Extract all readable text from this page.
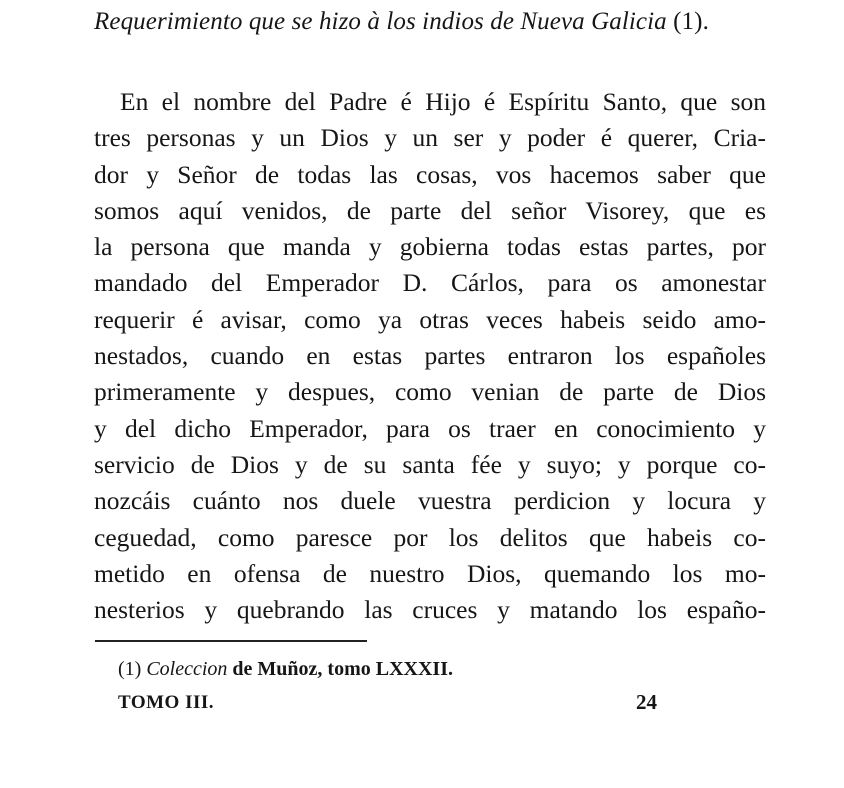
Requerimiento que se hizo à los indios de Nueva Galicia (1).
En el nombre del Padre é Hijo é Espíritu Santo, que son
tres personas y un Dios y un ser y poder é querer, Cria-
dor y Señor de todas las cosas, vos hacemos saber que
somos aquí venidos, de parte del señor Visorey, que es
la persona que manda y gobierna todas estas partes, por
mandado del Emperador D. Cárlos, para os amonestar
requerir é avisar, como ya otras veces habeis seido amo-
nestados, cuando en estas partes entraron los españoles
primeramente y despues, como venian de parte de Dios
y del dicho Emperador, para os traer en conocimiento y
servicio de Dios y de su santa fée y suyo; y porque co-
nozcáis cuánto nos duele vuestra perdicion y locura y
ceguedad, como paresce por los delitos que habeis co-
metido en ofensa de nuestro Dios, quemando los mo-
nesterios y quebrando las cruces y matando los españo-
(1) Coleccion de Muñoz, tomo LXXXII.
TOMO III.	24
